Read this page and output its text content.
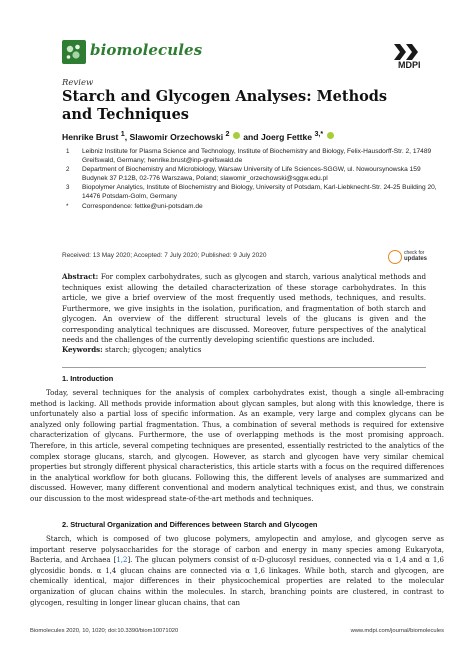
biomolecules
MDPI
Review
Starch and Glycogen Analyses: Methods and Techniques
Henrike Brust $^1$, Slawomir Orzechowski $^2$ and Joerg Fettke $^{3,*}$
1 Leibniz Institute for Plasma Science and Technology, Institute of Biochemistry and Biology, Felix-Hausdorff-Str. 2, 17489 Greifswald, Germany; henrike.brust@inp-greifswald.de
2 Department of Biochemistry and Microbiology, Warsaw University of Life Sciences-SGGW, ul. Nowoursynowska 159 Budynek 37 P.12B, 02-776 Warszawa, Poland; slawomir_orzechowski@sggw.edu.pl
3 Biopolymer Analytics, Institute of Biochemistry and Biology, University of Potsdam, Karl-Liebknecht-Str. 24-25 Building 20, 14476 Potsdam-Golm, Germany
* Correspondence: fettke@uni-potsdam.de
Received: 13 May 2020; Accepted: 7 July 2020; Published: 9 July 2020	check for
updates
Abstract: For complex carbohydrates, such as glycogen and starch, various analytical methods and techniques exist allowing the detailed characterization of these storage carbohydrates. In this article, we give a brief overview of the most frequently used methods, techniques, and results. Furthermore, we give insights in the isolation, purification, and fragmentation of both starch and glycogen. An overview of the different structural levels of the glucans is given and the corresponding analytical techniques are discussed. Moreover, future perspectives of the analytical needs and the challenges of the currently developing scientific questions are included.
Keywords: starch; glycogen; analytics
1. Introduction
Today, several techniques for the analysis of complex carbohydrates exist, though a single all-embracing method is lacking. All methods provide information about glycan samples, but along with this knowledge, there is unfortunately also a partial loss of specific information. As an example, very large and complex glycans can be analyzed only following partial fragmentation. Thus, a combination of several methods is required for extensive characterization of glycans. Furthermore, the use of overlapping methods is the most promising approach. Therefore, in this article, several competing techniques are presented, essentially restricted to the analytics of the complex storage glucans, starch, and glycogen. However, as starch and glycogen have very similar chemical properties but strongly different physical characteristics, this article starts with a focus on the required differences in the analytical workflow for both glucans. Following this, the different levels of analyses are summarized and discussed. However, many different conventional and modern analytical techniques exist, and thus, we constrain our discussion to the most widespread state-of-the-art methods and techniques.
2. Structural Organization and Differences between Starch and Glycogen
Starch, which is composed of two glucose polymers, amylopectin and amylose, and glycogen serve as important reserve polysaccharides for the storage of carbon and energy in many species among Eukaryota, Bacteria, and Archaea [1,2]. The glucan polymers consist of α-D-glucosyl residues, connected via α 1,4 and α 1,6 glycosidic bonds. α 1,4 glucan chains are connected via α 1,6 linkages. While both, starch and glycogen, are chemically identical, major differences in their physicochemical properties are related to the molecular organization of glucan chains within the molecules. In starch, branching points are clustered, in contrast to glycogen, resulting in longer linear glucan chains, that can
Biomolecules 2020, 10, 1020; doi:10.3390/biom10071020	www.mdpi.com/journal/biomolecules
